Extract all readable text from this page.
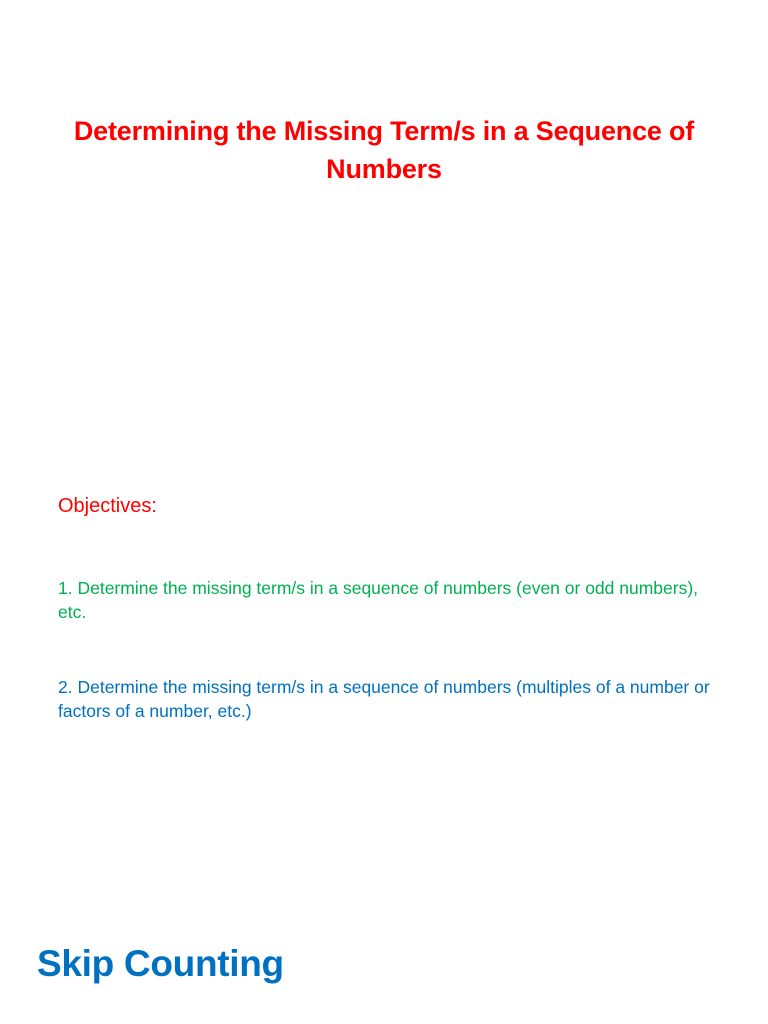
Determining the Missing Term/s in a Sequence of Numbers
Objectives:
1. Determine the missing term/s in a sequence of numbers (even or odd numbers), etc.
2. Determine the missing term/s in a sequence of numbers (multiples of a number or factors of a number, etc.)
Skip Counting
